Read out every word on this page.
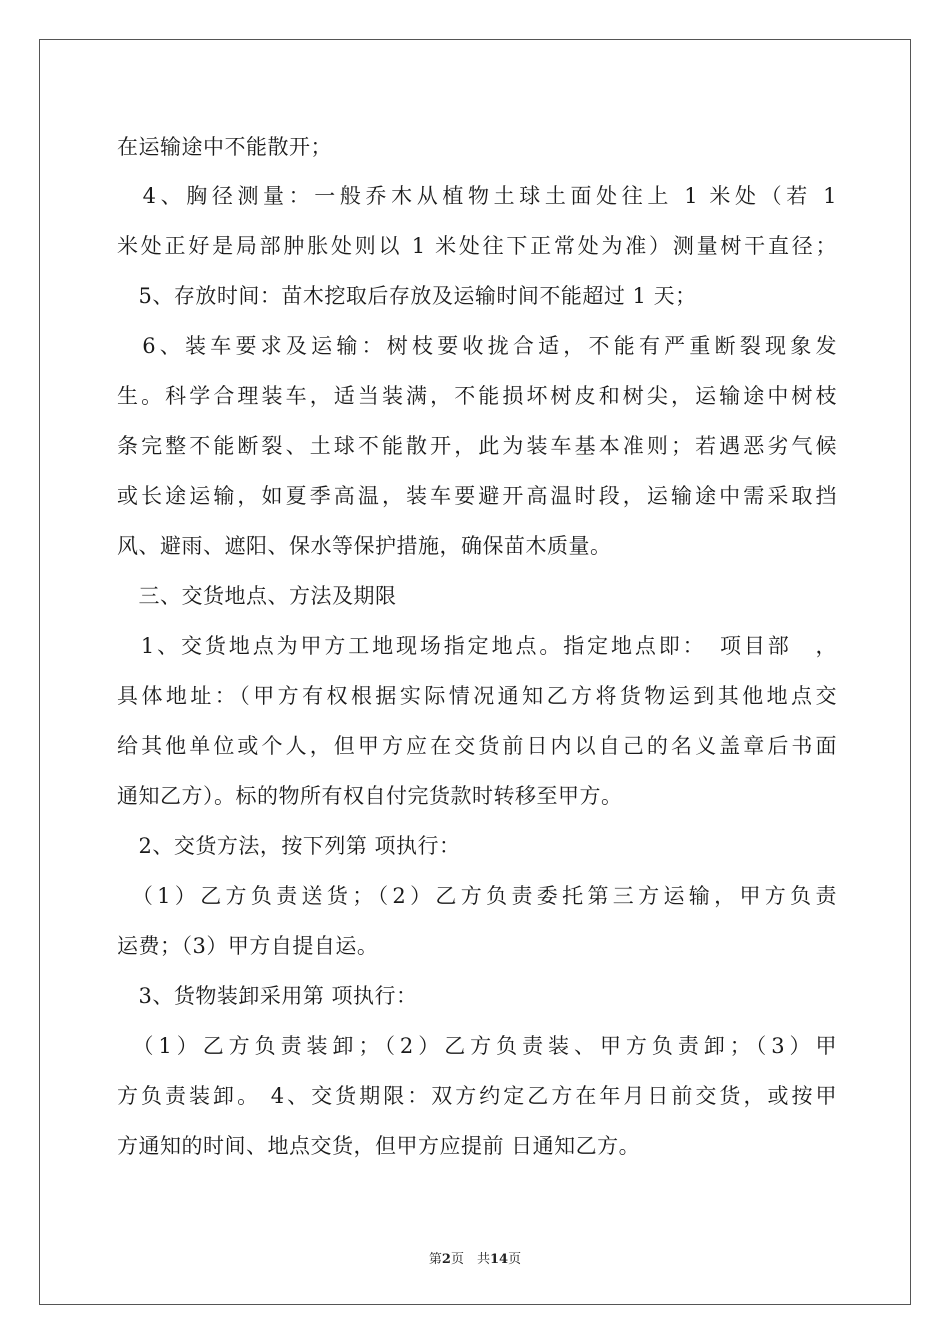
在运输途中不能散开；
　4、胸径测量：一般乔木从植物土球土面处往上 1 米处（若 1
米处正好是局部肿胀处则以 1 米处往下正常处为准）测量树干直径；
　5、存放时间：苗木挖取后存放及运输时间不能超过 1 天；
　6、装车要求及运输：树枝要收拢合适，不能有严重断裂现象发
生。科学合理装车，适当装满，不能损坏树皮和树尖，运输途中树枝
条完整不能断裂、土球不能散开，此为装车基本准则；若遇恶劣气候
或长途运输，如夏季高温，装车要避开高温时段，运输途中需采取挡
风、避雨、遮阳、保水等保护措施，确保苗木质量。
　三、交货地点、方法及期限
　1、交货地点为甲方工地现场指定地点。指定地点即：　项目部　，
具体地址：（甲方有权根据实际情况通知乙方将货物运到其他地点交
给其他单位或个人，但甲方应在交货前日内以自己的名义盖章后书面
通知乙方）。标的物所有权自付完货款时转移至甲方。
　2、交货方法，按下列第 项执行：
　（1）乙方负责送货；（2）乙方负责委托第三方运输，甲方负责
运费；（3）甲方自提自运。
　3、货物装卸采用第 项执行：
　（1）乙方负责装卸；（2）乙方负责装、甲方负责卸；（3）甲
方负责装卸。 4、交货期限：双方约定乙方在年月日前交货，或按甲
方通知的时间、地点交货，但甲方应提前 日通知乙方。
第2页　共14页
